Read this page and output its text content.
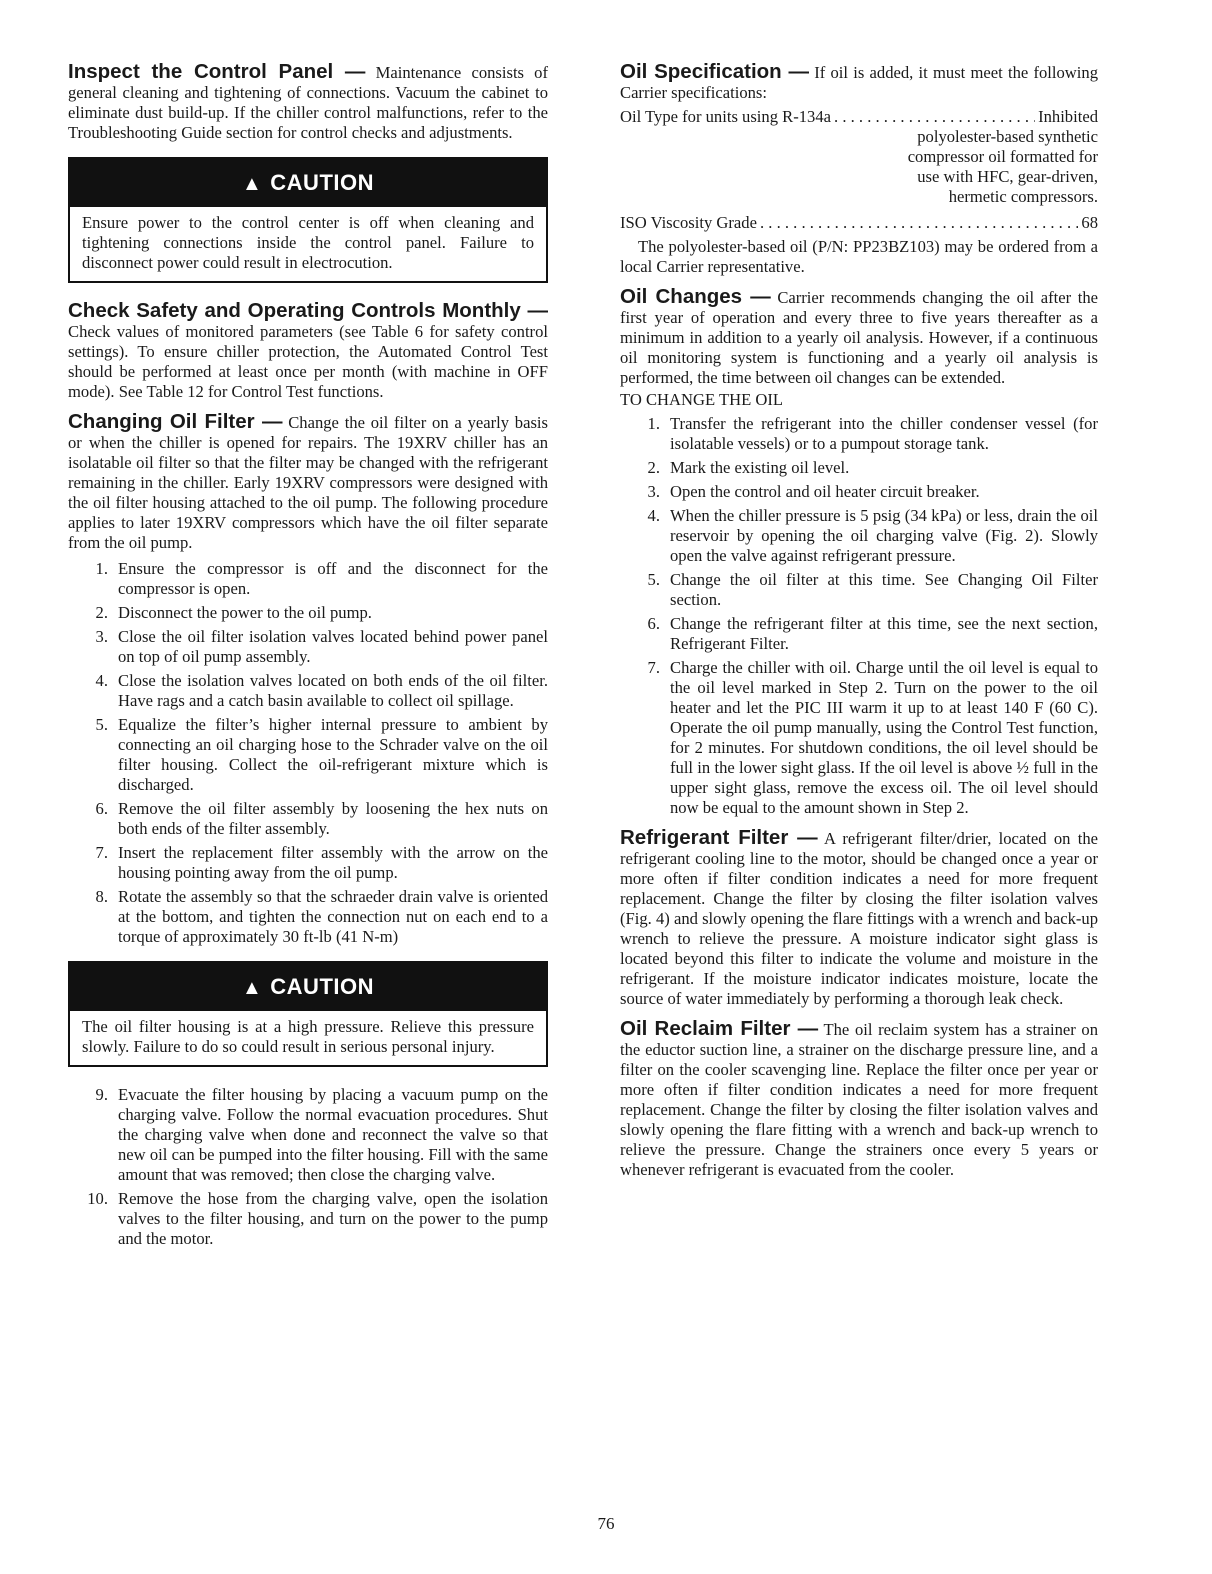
Inspect the Control Panel — Maintenance consists of general cleaning and tightening of connections. Vacuum the cabinet to eliminate dust build-up. If the chiller control malfunctions, refer to the Troubleshooting Guide section for control checks and adjustments.

▲ CAUTION
Ensure power to the control center is off when cleaning and tightening connections inside the control panel. Failure to disconnect power could result in electrocution.

Check Safety and Operating Controls Monthly — Check values of monitored parameters (see Table 6 for safety control settings). To ensure chiller protection, the Automated Control Test should be performed at least once per month (with machine in OFF mode). See Table 12 for Control Test functions.

Changing Oil Filter — Change the oil filter on a yearly basis or when the chiller is opened for repairs. The 19XRV chiller has an isolatable oil filter so that the filter may be changed with the refrigerant remaining in the chiller. Early 19XRV compressors were designed with the oil filter housing attached to the oil pump. The following procedure applies to later 19XRV compressors which have the oil filter separate from the oil pump.

1. Ensure the compressor is off and the disconnect for the compressor is open.
2. Disconnect the power to the oil pump.
3. Close the oil filter isolation valves located behind power panel on top of oil pump assembly.
4. Close the isolation valves located on both ends of the oil filter. Have rags and a catch basin available to collect oil spillage.
5. Equalize the filter’s higher internal pressure to ambient by connecting an oil charging hose to the Schrader valve on the oil filter housing. Collect the oil-refrigerant mixture which is discharged.
6. Remove the oil filter assembly by loosening the hex nuts on both ends of the filter assembly.
7. Insert the replacement filter assembly with the arrow on the housing pointing away from the oil pump.
8. Rotate the assembly so that the schraeder drain valve is oriented at the bottom, and tighten the connection nut on each end to a torque of approximately 30 ft-lb (41 N-m)
▲ CAUTION
The oil filter housing is at a high pressure. Relieve this pressure slowly. Failure to do so could result in serious personal injury.
9. Evacuate the filter housing by placing a vacuum pump on the charging valve. Follow the normal evacuation procedures. Shut the charging valve when done and reconnect the valve so that new oil can be pumped into the filter housing. Fill with the same amount that was removed; then close the charging valve.
10. Remove the hose from the charging valve, open the isolation valves to the filter housing, and turn on the power to the pump and the motor.

Oil Specification — If oil is added, it must meet the following Carrier specifications:

Oil Type for units using R-134a . . .	Inhibited
polyolester-based synthetic
compressor oil formatted for
use with HFC, gear-driven,
hermetic compressors.
ISO Viscosity Grade . . .	68

The polyolester-based oil (P/N: PP23BZ103) may be ordered from a local Carrier representative.

Oil Changes — Carrier recommends changing the oil after the first year of operation and every three to five years thereafter as a minimum in addition to a yearly oil analysis. However, if a continuous oil monitoring system is functioning and a yearly oil analysis is performed, the time between oil changes can be extended.

TO CHANGE THE OIL
1. Transfer the refrigerant into the chiller condenser vessel (for isolatable vessels) or to a pumpout storage tank.
2. Mark the existing oil level.
3. Open the control and oil heater circuit breaker.
4. When the chiller pressure is 5 psig (34 kPa) or less, drain the oil reservoir by opening the oil charging valve (Fig. 2). Slowly open the valve against refrigerant pressure.
5. Change the oil filter at this time. See Changing Oil Filter section.
6. Change the refrigerant filter at this time, see the next section, Refrigerant Filter.
7. Charge the chiller with oil. Charge until the oil level is equal to the oil level marked in Step 2. Turn on the power to the oil heater and let the PIC III warm it up to at least 140 F (60 C). Operate the oil pump manually, using the Control Test function, for 2 minutes. For shutdown conditions, the oil level should be full in the lower sight glass. If the oil level is above ½ full in the upper sight glass, remove the excess oil. The oil level should now be equal to the amount shown in Step 2.

Refrigerant Filter — A refrigerant filter/drier, located on the refrigerant cooling line to the motor, should be changed once a year or more often if filter condition indicates a need for more frequent replacement. Change the filter by closing the filter isolation valves (Fig. 4) and slowly opening the flare fittings with a wrench and back-up wrench to relieve the pressure. A moisture indicator sight glass is located beyond this filter to indicate the volume and moisture in the refrigerant. If the moisture indicator indicates moisture, locate the source of water immediately by performing a thorough leak check.

Oil Reclaim Filter — The oil reclaim system has a strainer on the eductor suction line, a strainer on the discharge pressure line, and a filter on the cooler scavenging line. Replace the filter once per year or more often if filter condition indicates a need for more frequent replacement. Change the filter by closing the filter isolation valves and slowly opening the flare fitting with a wrench and back-up wrench to relieve the pressure. Change the strainers once every 5 years or whenever refrigerant is evacuated from the cooler.

76
